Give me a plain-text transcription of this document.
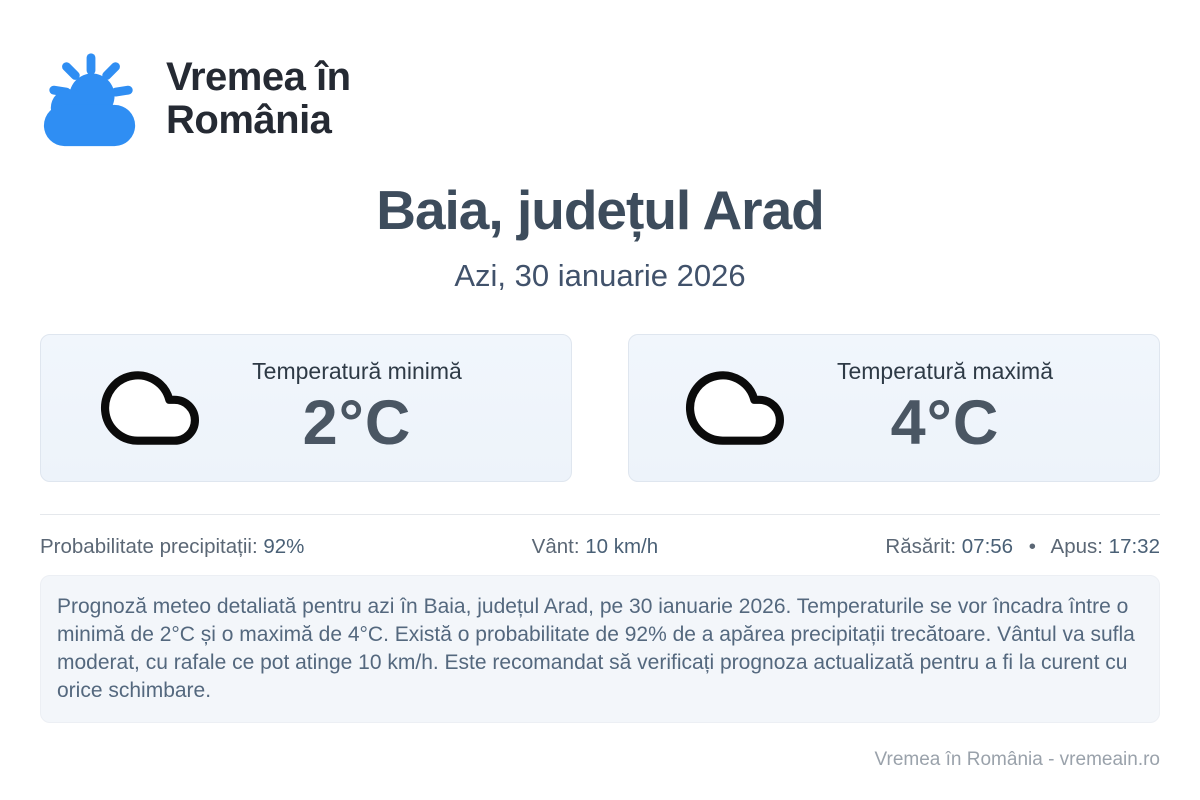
Vremea în România
Baia, județul Arad
Azi, 30 ianuarie 2026
Temperatură minimă
2°C
Temperatură maximă
4°C
Probabilitate precipitații: 92%	Vânt: 10 km/h	Răsărit: 07:56 • Apus: 17:32

Prognoză meteo detaliată pentru azi în Baia, județul Arad, pe 30 ianuarie 2026. Temperaturile se vor încadra între o minimă de 2°C și o maximă de 4°C. Există o probabilitate de 92% de a apărea precipitații trecătoare. Vântul va sufla moderat, cu rafale ce pot atinge 10 km/h. Este recomandat să verificați prognoza actualizată pentru a fi la curent cu orice schimbare.

Vremea în România - vremeain.ro
